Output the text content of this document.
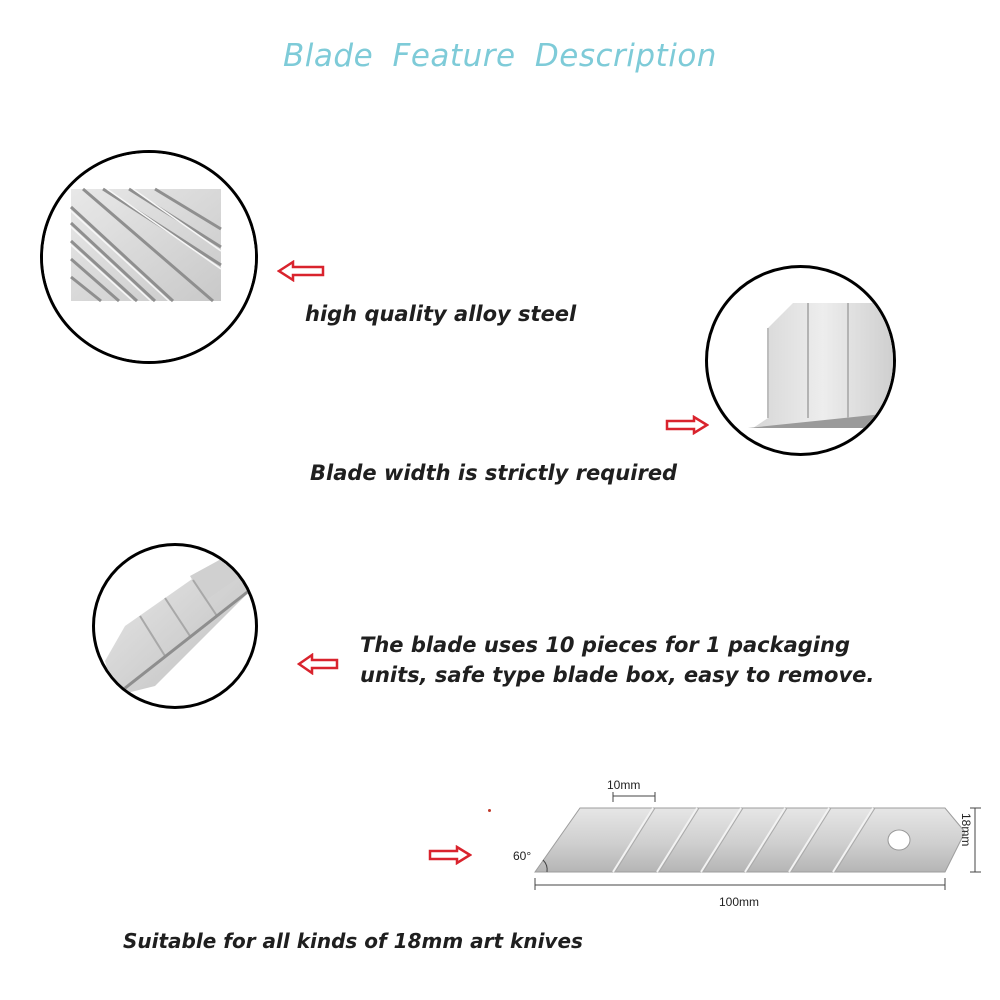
Blade Feature Description
high quality alloy steel
Blade width is strictly required
The blade uses 10 pieces for 1 packaging
units, safe type blade box, easy to remove.
10mm
18mm
100mm
60°
Suitable for all kinds of 18mm art knives
